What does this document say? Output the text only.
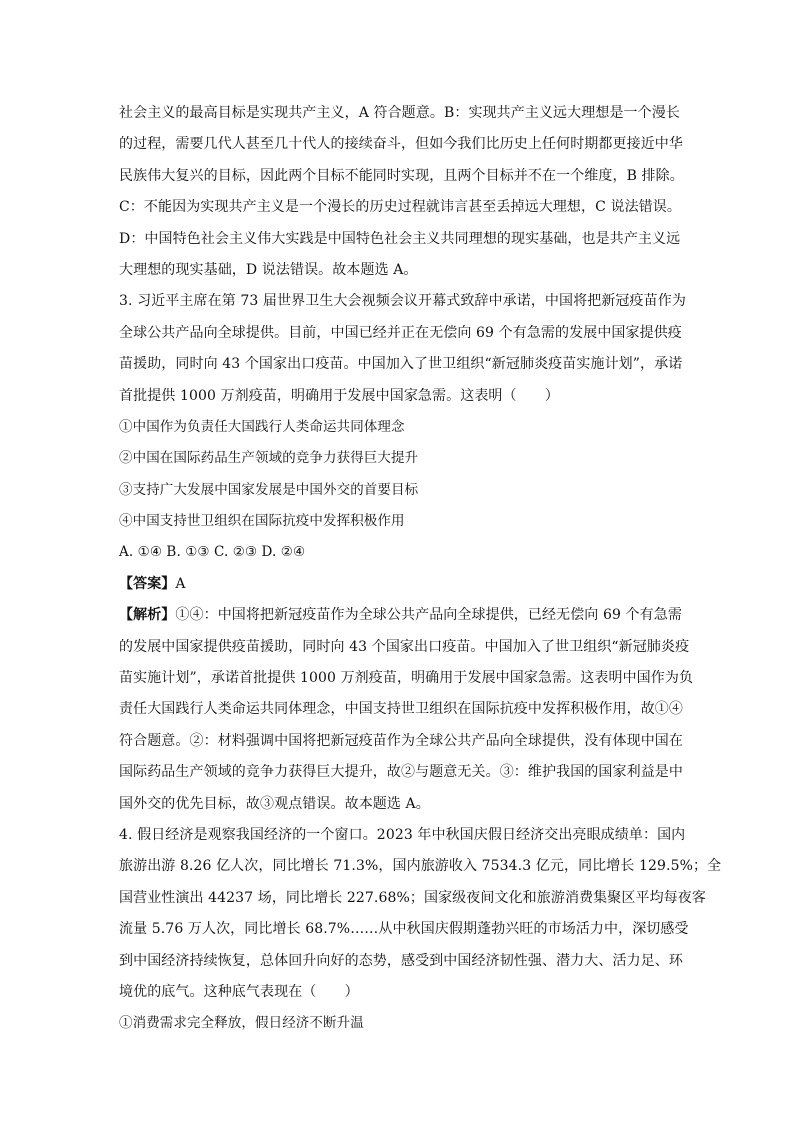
社会主义的最高目标是实现共产主义，A 符合题意。B：实现共产主义远大理想是一个漫长
的过程，需要几代人甚至几十代人的接续奋斗，但如今我们比历史上任何时期都更接近中华
民族伟大复兴的目标，因此两个目标不能同时实现，且两个目标并不在一个维度，B 排除。
C：不能因为实现共产主义是一个漫长的历史过程就讳言甚至丢掉远大理想，C 说法错误。
D：中国特色社会主义伟大实践是中国特色社会主义共同理想的现实基础，也是共产主义远
大理想的现实基础，D 说法错误。故本题选 A。
3. 习近平主席在第 73 届世界卫生大会视频会议开幕式致辞中承诺，中国将把新冠疫苗作为
全球公共产品向全球提供。目前，中国已经并正在无偿向 69 个有急需的发展中国家提供疫
苗援助，同时向 43 个国家出口疫苗。中国加入了世卫组织“新冠肺炎疫苗实施计划”，承诺
首批提供 1000 万剂疫苗，明确用于发展中国家急需。这表明（　　）
①中国作为负责任大国践行人类命运共同体理念
②中国在国际药品生产领域的竞争力获得巨大提升
③支持广大发展中国家发展是中国外交的首要目标
④中国支持世卫组织在国际抗疫中发挥积极作用
A. ①④ B. ①③ C. ②③ D. ②④
【答案】A
【解析】①④：中国将把新冠疫苗作为全球公共产品向全球提供，已经无偿向 69 个有急需
的发展中国家提供疫苗援助，同时向 43 个国家出口疫苗。中国加入了世卫组织“新冠肺炎疫
苗实施计划”，承诺首批提供 1000 万剂疫苗，明确用于发展中国家急需。这表明中国作为负
责任大国践行人类命运共同体理念，中国支持世卫组织在国际抗疫中发挥积极作用，故①④
符合题意。②：材料强调中国将把新冠疫苗作为全球公共产品向全球提供，没有体现中国在
国际药品生产领域的竞争力获得巨大提升，故②与题意无关。③：维护我国的国家利益是中
国外交的优先目标，故③观点错误。故本题选 A。
4. 假日经济是观察我国经济的一个窗口。2023 年中秋国庆假日经济交出亮眼成绩单：国内
旅游出游 8.26 亿人次，同比增长 71.3%，国内旅游收入 7534.3 亿元，同比增长 129.5%；全
国营业性演出 44237 场，同比增长 227.68%；国家级夜间文化和旅游消费集聚区平均每夜客
流量 5.76 万人次，同比增长 68.7%……从中秋国庆假期蓬勃兴旺的市场活力中，深切感受
到中国经济持续恢复，总体回升向好的态势，感受到中国经济韧性强、潜力大、活力足、环
境优的底气。这种底气表现在（　　）
①消费需求完全释放，假日经济不断升温
